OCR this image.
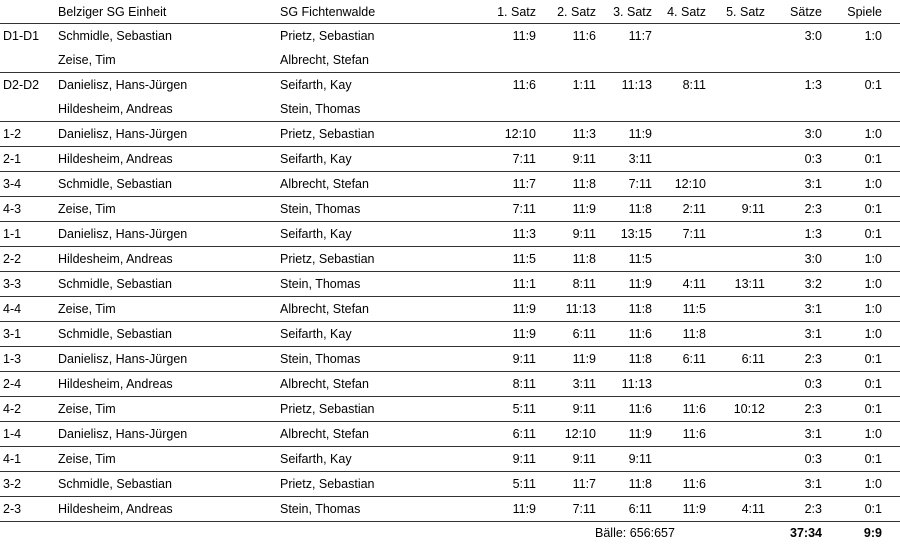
	Belziger SG Einheit	SG Fichtenwalde	1. Satz	2. Satz	3. Satz	4. Satz	5. Satz	Sätze	Spiele
D1-D1	Schmidle, Sebastian	Prietz, Sebastian	11:9	11:6	11:7			3:0	1:0
	Zeise, Tim	Albrecht, Stefan							
D2-D2	Danielisz, Hans-Jürgen	Seifarth, Kay	11:6	1:11	11:13	8:11		1:3	0:1
	Hildesheim, Andreas	Stein, Thomas							
1-2	Danielisz, Hans-Jürgen	Prietz, Sebastian	12:10	11:3	11:9			3:0	1:0
2-1	Hildesheim, Andreas	Seifarth, Kay	7:11	9:11	3:11			0:3	0:1
3-4	Schmidle, Sebastian	Albrecht, Stefan	11:7	11:8	7:11	12:10		3:1	1:0
4-3	Zeise, Tim	Stein, Thomas	7:11	11:9	11:8	2:11	9:11	2:3	0:1
1-1	Danielisz, Hans-Jürgen	Seifarth, Kay	11:3	9:11	13:15	7:11		1:3	0:1
2-2	Hildesheim, Andreas	Prietz, Sebastian	11:5	11:8	11:5			3:0	1:0
3-3	Schmidle, Sebastian	Stein, Thomas	11:1	8:11	11:9	4:11	13:11	3:2	1:0
4-4	Zeise, Tim	Albrecht, Stefan	11:9	11:13	11:8	11:5		3:1	1:0
3-1	Schmidle, Sebastian	Seifarth, Kay	11:9	6:11	11:6	11:8		3:1	1:0
1-3	Danielisz, Hans-Jürgen	Stein, Thomas	9:11	11:9	11:8	6:11	6:11	2:3	0:1
2-4	Hildesheim, Andreas	Albrecht, Stefan	8:11	3:11	11:13			0:3	0:1
4-2	Zeise, Tim	Prietz, Sebastian	5:11	9:11	11:6	11:6	10:12	2:3	0:1
1-4	Danielisz, Hans-Jürgen	Albrecht, Stefan	6:11	12:10	11:9	11:6		3:1	1:0
4-1	Zeise, Tim	Seifarth, Kay	9:11	9:11	9:11			0:3	0:1
3-2	Schmidle, Sebastian	Prietz, Sebastian	5:11	11:7	11:8	11:6		3:1	1:0
2-3	Hildesheim, Andreas	Stein, Thomas	11:9	7:11	6:11	11:9	4:11	2:3	0:1
				Bälle: 656:657				37:34	9:9
